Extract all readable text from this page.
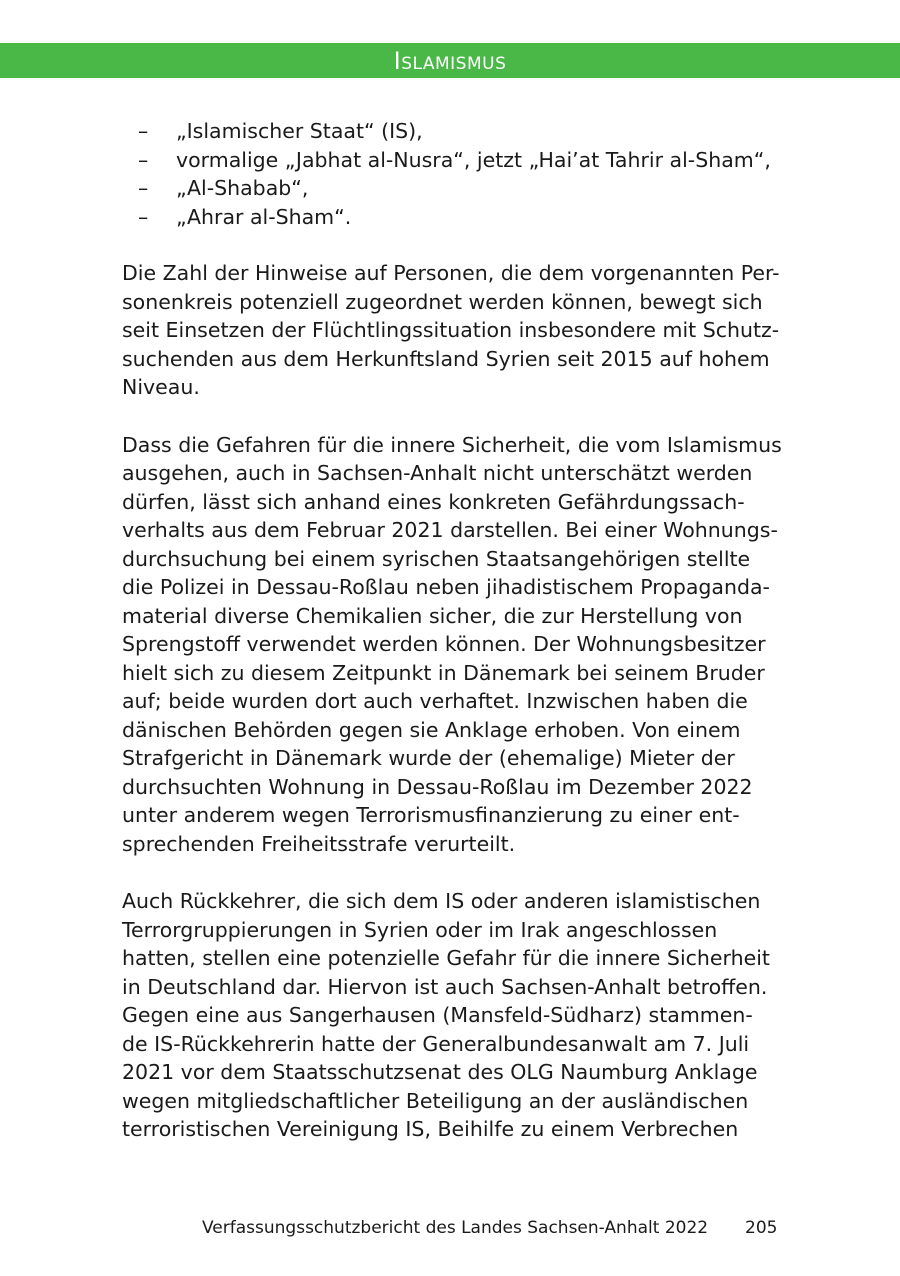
Islamismus
– „Islamischer Staat“ (IS),
– vormalige „Jabhat al-Nusra“, jetzt „Hai’at Tahrir al-Sham“,
– „Al-Shabab“,
– „Ahrar al-Sham“.

Die Zahl der Hinweise auf Personen, die dem vorgenannten Per-
sonenkreis potenziell zugeordnet werden können, bewegt sich
seit Einsetzen der Flüchtlingssituation insbesondere mit Schutz-
suchenden aus dem Herkunftsland Syrien seit 2015 auf hohem
Niveau.

Dass die Gefahren für die innere Sicherheit, die vom Islamismus
ausgehen, auch in Sachsen-Anhalt nicht unterschätzt werden
dürfen, lässt sich anhand eines konkreten Gefährdungssach-
verhalts aus dem Februar 2021 darstellen. Bei einer Wohnungs-
durchsuchung bei einem syrischen Staatsangehörigen stellte
die Polizei in Dessau-Roßlau neben jihadistischem Propaganda-
material diverse Chemikalien sicher, die zur Herstellung von
Sprengstoff verwendet werden können. Der Wohnungsbesitzer
hielt sich zu diesem Zeitpunkt in Dänemark bei seinem Bruder
auf; beide wurden dort auch verhaftet. Inzwischen haben die
dänischen Behörden gegen sie Anklage erhoben. Von einem
Strafgericht in Dänemark wurde der (ehemalige) Mieter der
durchsuchten Wohnung in Dessau-Roßlau im Dezember 2022
unter anderem wegen Terrorismusfinanzierung zu einer ent-
sprechenden Freiheitsstrafe verurteilt.

Auch Rückkehrer, die sich dem IS oder anderen islamistischen
Terrorgruppierungen in Syrien oder im Irak angeschlossen
hatten, stellen eine potenzielle Gefahr für die innere Sicherheit
in Deutschland dar. Hiervon ist auch Sachsen-Anhalt betroffen.
Gegen eine aus Sangerhausen (Mansfeld-Südharz) stammen-
de IS-Rückkehrerin hatte der Generalbundesanwalt am 7. Juli
2021 vor dem Staatsschutzsenat des OLG Naumburg Anklage
wegen mitgliedschaftlicher Beteiligung an der ausländischen
terroristischen Vereinigung IS, Beihilfe zu einem Verbrechen

Verfassungsschutzbericht des Landes Sachsen-Anhalt 2022 205
